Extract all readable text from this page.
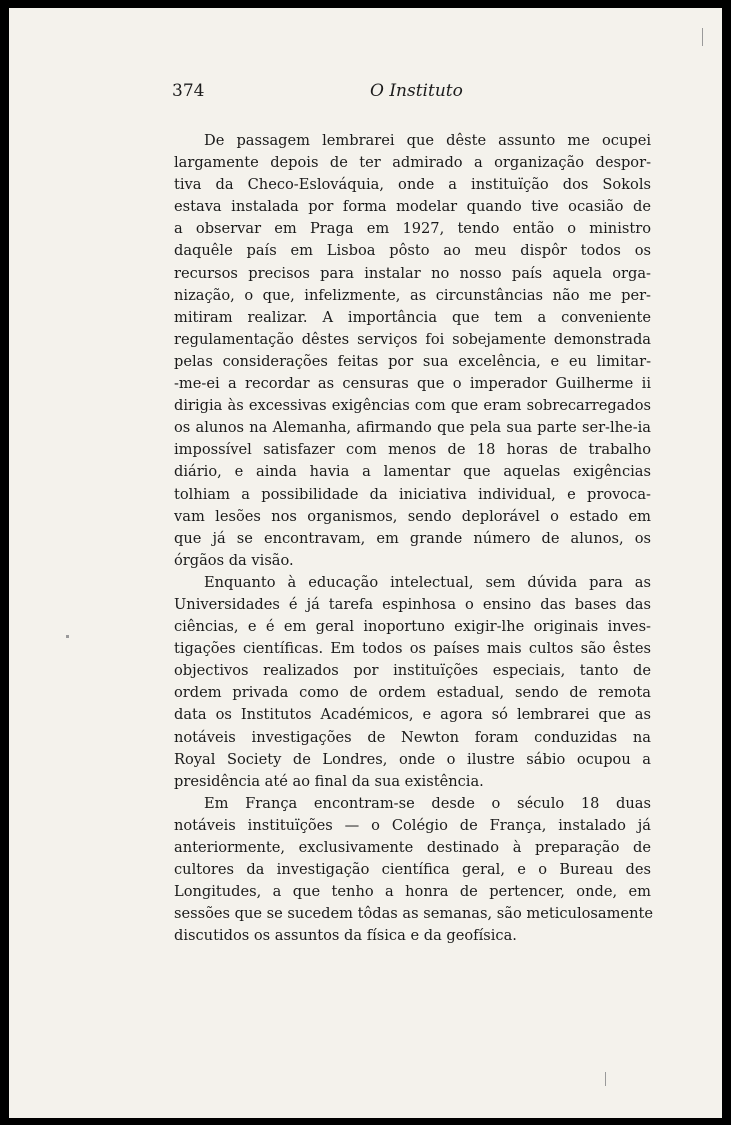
374	O Instituto
De passagem lembrarei que dêste assunto me ocupei
largamente depois de ter admirado a organização despor-
tiva da Checo-Eslováquia, onde a instituïção dos Sokols
estava instalada por forma modelar quando tive ocasião de
a observar em Praga em 1927, tendo então o ministro
daquêle país em Lisboa pôsto ao meu dispôr todos os
recursos precisos para instalar no nosso país aquela orga-
nização, o que, infelizmente, as circunstâncias não me per-
mitiram realizar. A importância que tem a conveniente
regulamentação dêstes serviços foi sobejamente demonstrada
pelas considerações feitas por sua excelência, e eu limitar-
-me-ei a recordar as censuras que o imperador Guilherme ii
dirigia às excessivas exigências com que eram sobrecarregados
os alunos na Alemanha, afirmando que pela sua parte ser-lhe-ia
impossível satisfazer com menos de 18 horas de trabalho
diário, e ainda havia a lamentar que aquelas exigências
tolhiam a possibilidade da iniciativa individual, e provoca-
vam lesões nos organismos, sendo deplorável o estado em
que já se encontravam, em grande número de alunos, os
órgãos da visão.
Enquanto à educação intelectual, sem dúvida para as
Universidades é já tarefa espinhosa o ensino das bases das
ciências, e é em geral inoportuno exigir-lhe originais inves-
tigações científicas. Em todos os países mais cultos são êstes
objectivos realizados por instituïções especiais, tanto de
ordem privada como de ordem estadual, sendo de remota
data os Institutos Académicos, e agora só lembrarei que as
notáveis investigações de Newton foram conduzidas na
Royal Society de Londres, onde o ilustre sábio ocupou a
presidência até ao final da sua existência.
Em França encontram-se desde o século 18 duas
notáveis instituïções — o Colégio de França, instalado já
anteriormente, exclusivamente destinado à preparação de
cultores da investigação científica geral, e o Bureau des
Longitudes, a que tenho a honra de pertencer, onde, em
sessões que se sucedem tôdas as semanas, são meticulosamente
discutidos os assuntos da física e da geofísica.
